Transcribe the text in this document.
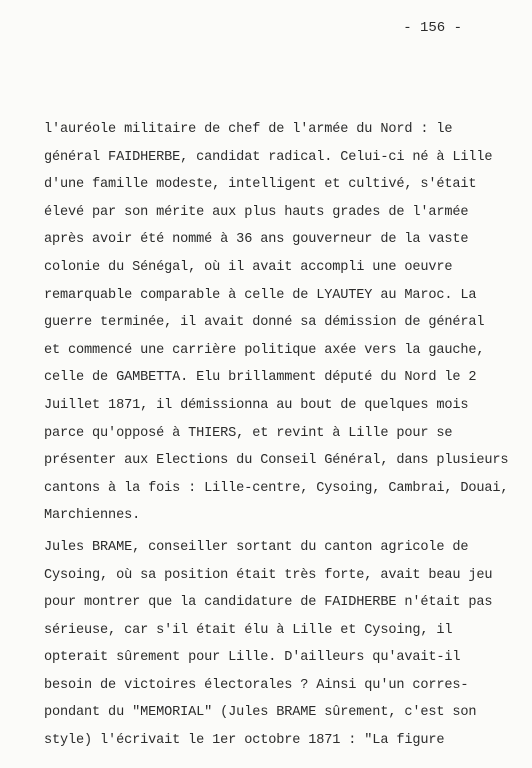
- 156 -

l'auréole militaire de chef de l'armée du Nord : le

général FAIDHERBE, candidat radical. Celui-ci né à Lille

d'une famille modeste, intelligent et cultivé, s'était

élevé par son mérite aux plus hauts grades de l'armée

après avoir été nommé à 36 ans gouverneur de la vaste

colonie du Sénégal, où il avait accompli une oeuvre

remarquable comparable à celle de LYAUTEY au Maroc. La

guerre terminée, il avait donné sa démission de général

et commencé une carrière politique axée vers la gauche,

celle de GAMBETTA. Elu brillamment député du Nord le 2

Juillet 1871, il démissionna au bout de quelques mois

parce qu'opposé à THIERS, et revint à Lille pour se

présenter aux Elections du Conseil Général, dans plusieurs

cantons à la fois : Lille-centre, Cysoing, Cambrai, Douai,

Marchiennes.

Jules BRAME, conseiller sortant du canton agricole de

Cysoing, où sa position était très forte, avait beau jeu

pour montrer que la candidature de FAIDHERBE n'était pas

sérieuse, car s'il était élu à Lille et Cysoing, il

opterait sûrement pour Lille. D'ailleurs qu'avait-il

besoin de victoires électorales ? Ainsi qu'un corres-

pondant du "MEMORIAL" (Jules BRAME sûrement, c'est son

style) l'écrivait le 1er octobre 1871 : "La figure
